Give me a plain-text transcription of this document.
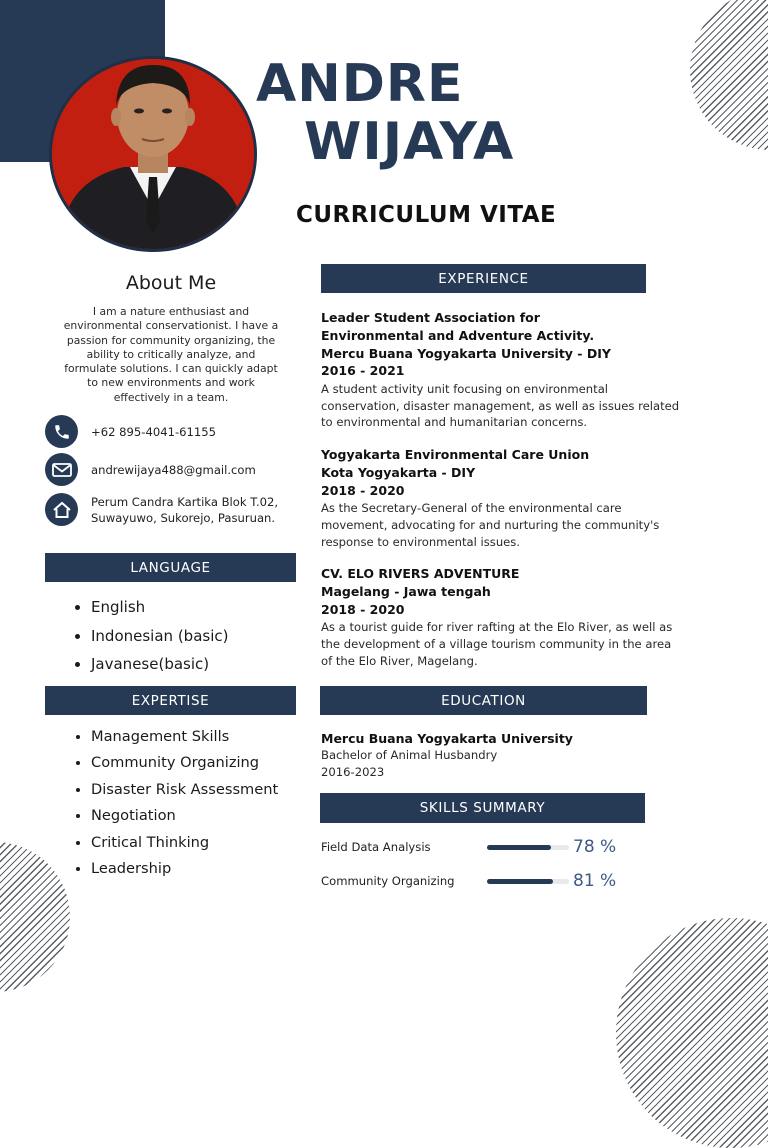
ANDRE
WIJAYA
CURRICULUM VITAE
About Me
I am a nature enthusiast and
environmental conservationist. I have a
passion for community organizing, the
ability to critically analyze, and
formulate solutions. I can quickly adapt
to new environments and work
effectively in a team.
+62 895-4041-61155
andrewijaya488@gmail.com
Perum Candra Kartika Blok T.02,
Suwayuwo, Sukorejo, Pasuruan.
LANGUAGE
• English
• Indonesian (basic)
• Javanese(basic)
EXPERTISE
• Management Skills
• Community Organizing
• Disaster Risk Assessment
• Negotiation
• Critical Thinking
• Leadership
EXPERIENCE
Leader Student Association for
Environmental and Adventure Activity.
Mercu Buana Yogyakarta University - DIY
2016 - 2021
A student activity unit focusing on environmental
conservation, disaster management, as well as issues related
to environmental and humanitarian concerns.
Yogyakarta Environmental Care Union
Kota Yogyakarta - DIY
2018 - 2020
As the Secretary-General of the environmental care
movement, advocating for and nurturing the community's
response to environmental issues.
CV. ELO RIVERS ADVENTURE
Magelang - Jawa tengah
2018 - 2020
As a tourist guide for river rafting at the Elo River, as well as
the development of a village tourism community in the area
of the Elo River, Magelang.
EDUCATION
Mercu Buana Yogyakarta University
Bachelor of Animal Husbandry
2016-2023
SKILLS SUMMARY
Field Data Analysis	78 %
Community Organizing	81 %
